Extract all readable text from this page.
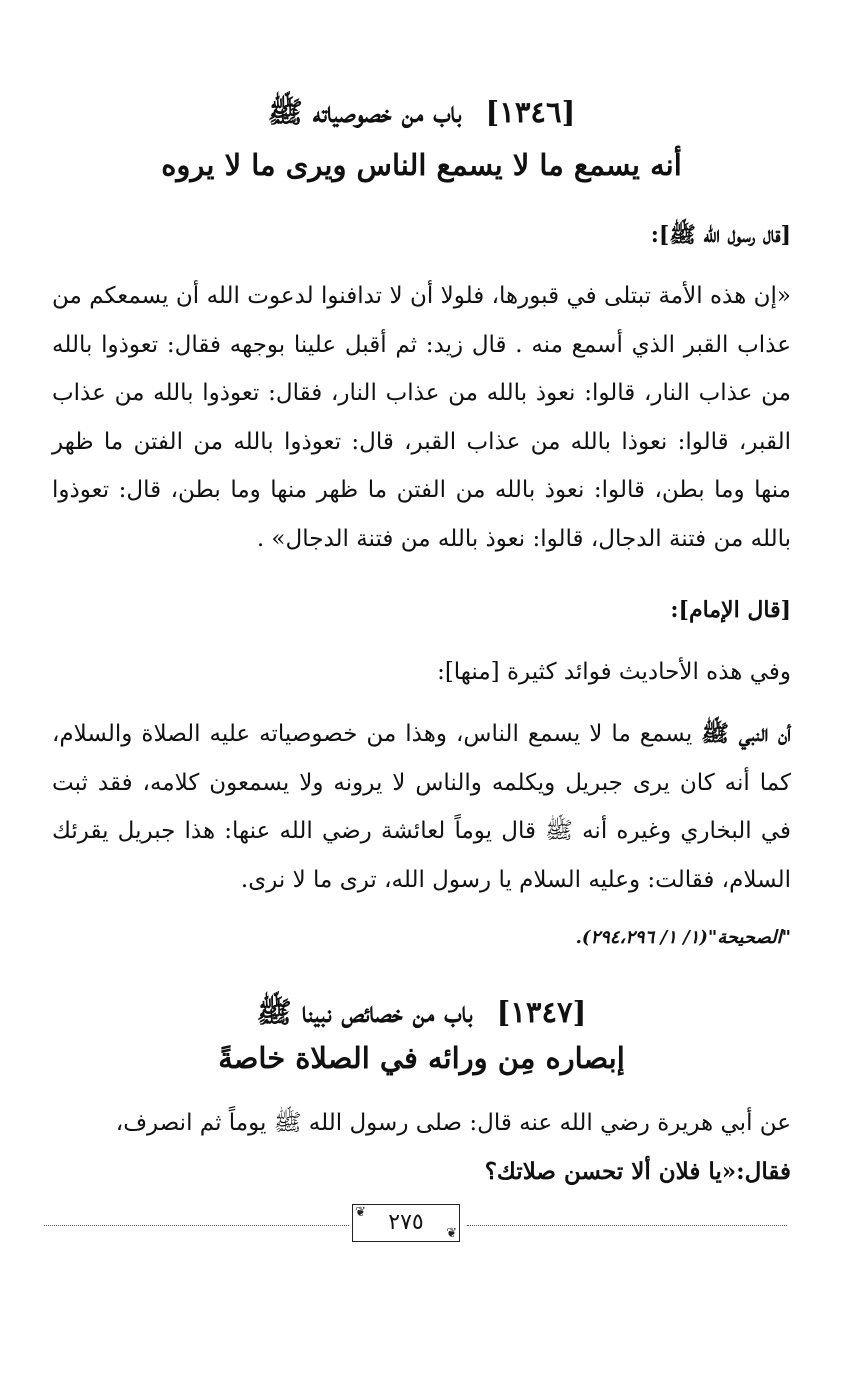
[١٣٤٦] باب من خصوصياته ﷺ
أنه يسمع ما لا يسمع الناس ويرى ما لا يروه
[قال رسول الله ﷺ]:
«إن هذه الأمة تبتلى في قبورها، فلولا أن لا تدافنوا لدعوت الله أن يسمعكم من عذاب القبر الذي أسمع منه . قال زيد: ثم أقبل علينا بوجهه فقال: تعوذوا بالله من عذاب النار، قالوا: نعوذ بالله من عذاب النار، فقال: تعوذوا بالله من عذاب القبر، قالوا: نعوذا بالله من عذاب القبر، قال: تعوذوا بالله من الفتن ما ظهر منها وما بطن، قالوا: نعوذ بالله من الفتن ما ظهر منها وما بطن، قال: تعوذوا بالله من فتنة الدجال، قالوا: نعوذ بالله من فتنة الدجال» .
[قال الإمام]:
وفي هذه الأحاديث فوائد كثيرة [منها]:
أن النبي ﷺ يسمع ما لا يسمع الناس، وهذا من خصوصياته عليه الصلاة والسلام، كما أنه كان يرى جبريل ويكلمه والناس لا يرونه ولا يسمعون كلامه، فقد ثبت في البخاري وغيره أنه ﷺ قال يوماً لعائشة رضي الله عنها: هذا جبريل يقرئك السلام، فقالت: وعليه السلام يا رسول الله، ترى ما لا نرى.
"الصحيحة"(١/ ١/ ٢٩٤،٢٩٦).
[١٣٤٧] باب من خصائص نبينا ﷺ
إبصاره مِن ورائه في الصلاة خاصةً
عن أبي هريرة رضي الله عنه قال: صلى رسول الله ﷺ يوماً ثم انصرف،
فقال:«يا فلان ألا تحسن صلاتك؟
❦ ٢٧٥ ❦
